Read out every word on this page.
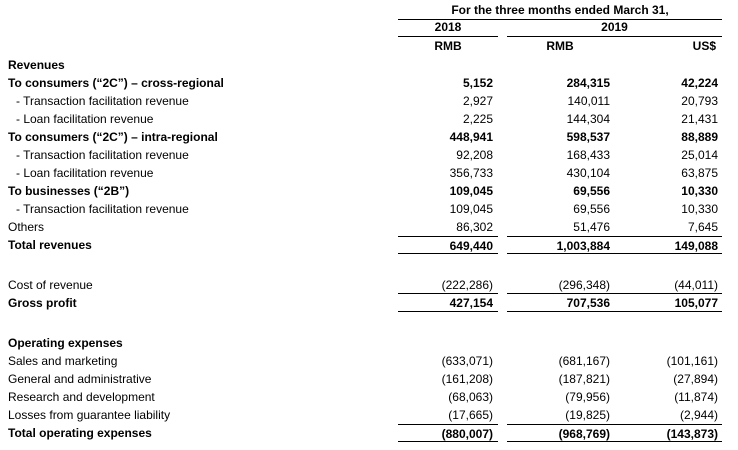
For the three months ended March 31,
2018	2019
RMB	RMB	US$
Revenues
To consumers (“2C”) – cross-regional	5,152	284,315	42,224
- Transaction facilitation revenue	2,927	140,011	20,793
- Loan facilitation revenue	2,225	144,304	21,431
To consumers (“2C”) – intra-regional	448,941	598,537	88,889
- Transaction facilitation revenue	92,208	168,433	25,014
- Loan facilitation revenue	356,733	430,104	63,875
To businesses (“2B”)	109,045	69,556	10,330
- Transaction facilitation revenue	109,045	69,556	10,330
Others	86,302	51,476	7,645
Total revenues	649,440	1,003,884	149,088
Cost of revenue	(222,286)	(296,348)	(44,011)
Gross profit	427,154	707,536	105,077
Operating expenses
Sales and marketing	(633,071)	(681,167)	(101,161)
General and administrative	(161,208)	(187,821)	(27,894)
Research and development	(68,063)	(79,956)	(11,874)
Losses from guarantee liability	(17,665)	(19,825)	(2,944)
Total operating expenses	(880,007)	(968,769)	(143,873)
